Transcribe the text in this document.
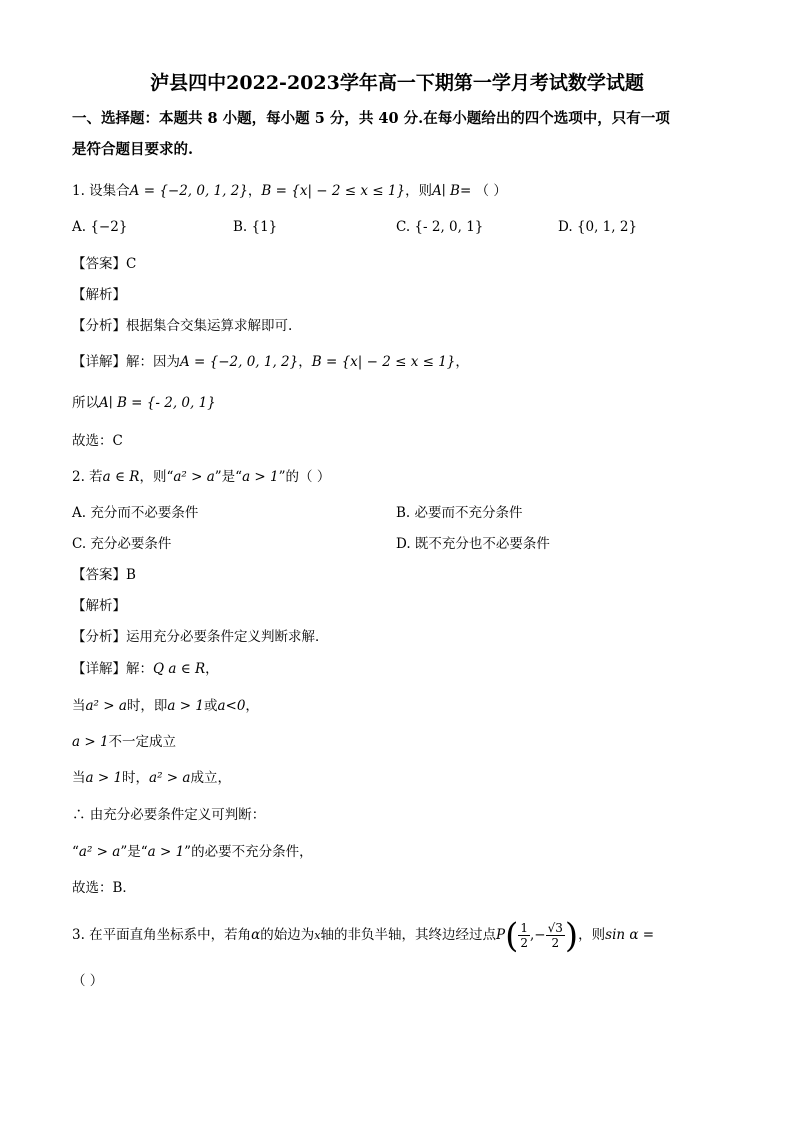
泸县四中2022-2023学年高一下期第一学月考试数学试题
一、选择题：本题共 8 小题，每小题 5 分，共 40 分.在每小题给出的四个选项中，只有一项
是符合题目要求的.
1. 设集合A = {−2, 0, 1, 2}，B = {x| − 2 ≤ x ≤ 1}，则A∣ B= （ ）
A. {−2}	B. {1}	C. {- 2, 0, 1}	D. {0, 1, 2}
【答案】C
【解析】
【分析】根据集合交集运算求解即可.
【详解】解：因为A = {−2, 0, 1, 2}，B = {x| − 2 ≤ x ≤ 1}，
所以A∣ B = {- 2, 0, 1}
故选：C
2. 若a ∈ R，则“a² > a”是“a > 1”的（ ）
A. 充分而不必要条件	B. 必要而不充分条件
C. 充分必要条件	D. 既不充分也不必要条件
【答案】B
【解析】
【分析】运用充分必要条件定义判断求解．
【详解】解：Q a ∈ R，
当a² > a时，即a > 1或a<0，
a > 1不一定成立
当a > 1时，a² > a成立，
∴ 由充分必要条件定义可判断：
“a² > a”是“a > 1”的必要不充分条件，
故选：B．
3. 在平面直角坐标系中，若角α的始边为x轴的非负半轴，其终边经过点$P( \frac{1}{2}$ ,− $\frac{√3}{2}$ )，则sin α =
（ ）
